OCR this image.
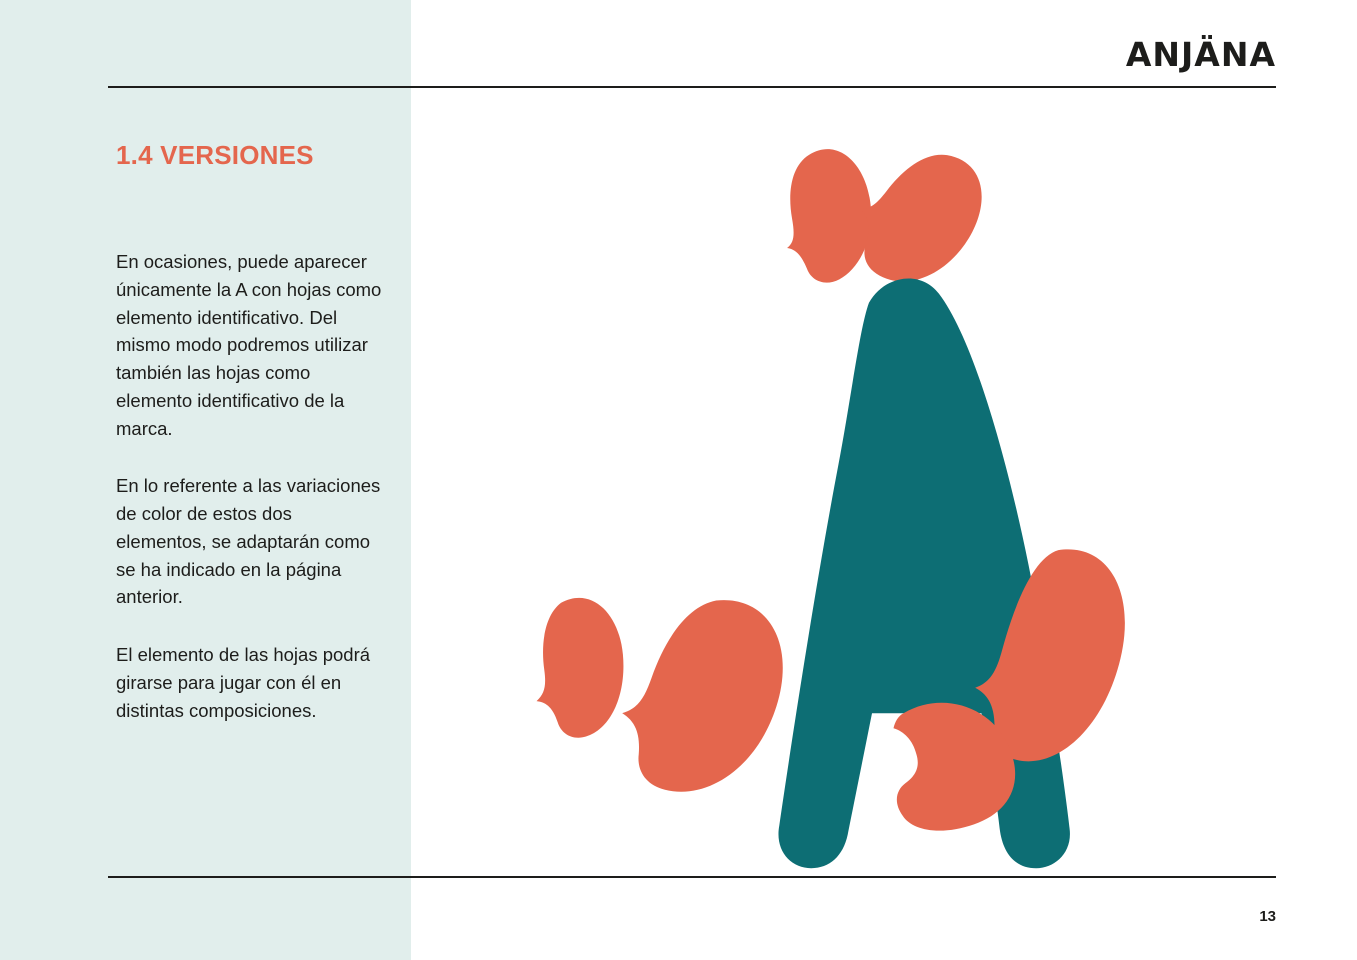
ANJÄNA
1.4 VERSIONES

En ocasiones, puede aparecer únicamente la A con hojas como elemento identificativo. Del mismo modo podremos utilizar también las hojas como elemento identificativo de la marca.

En lo referente a las variaciones de color de estos dos elementos, se adaptarán como se ha indicado en la página anterior.

El elemento de las hojas podrá girarse para jugar con él en distintas composiciones.

13
